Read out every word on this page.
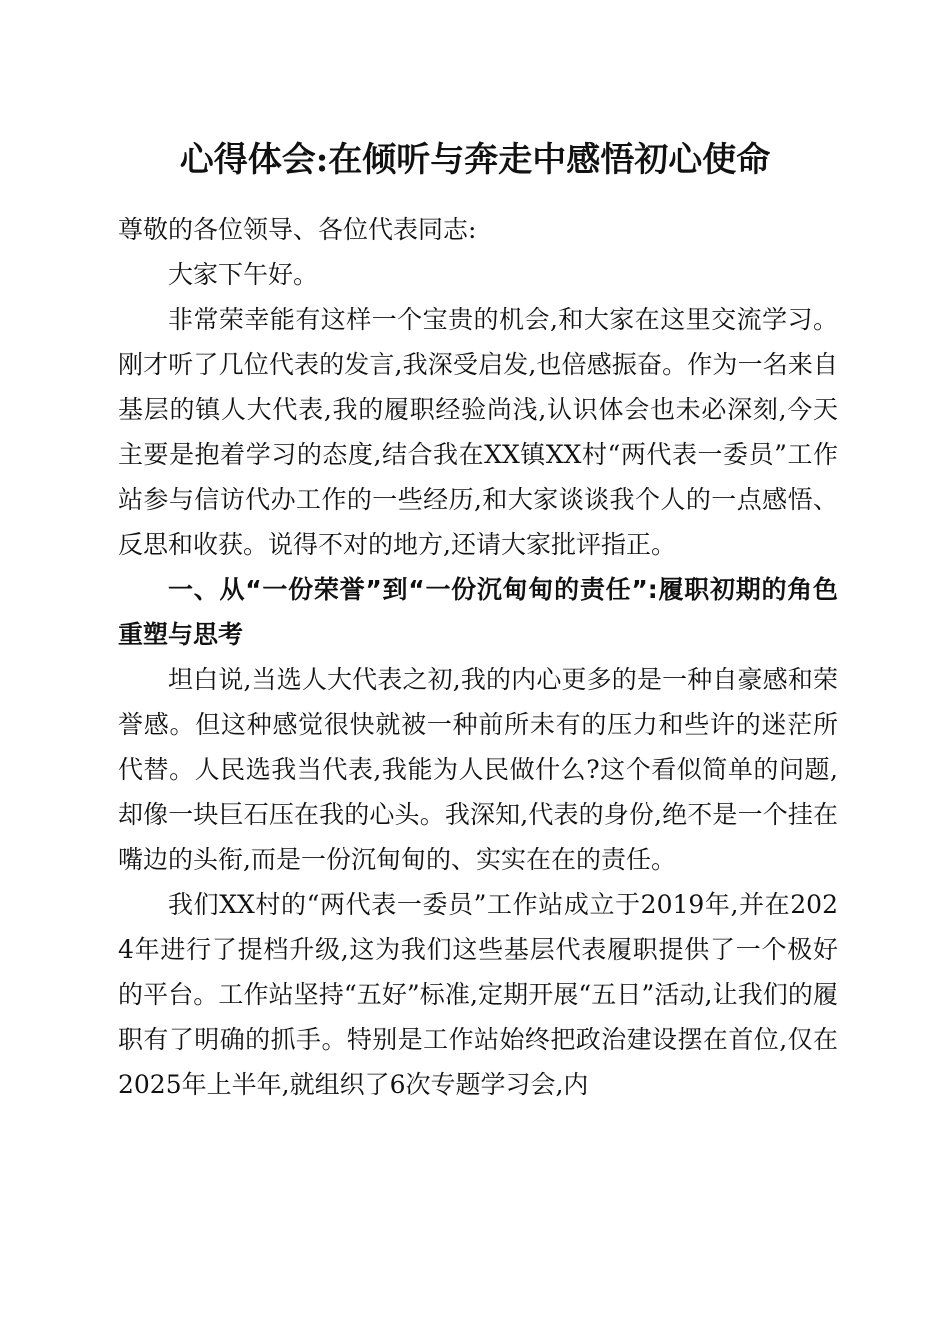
心得体会:在倾听与奔走中感悟初心使命

尊敬的各位领导、各位代表同志:

大家下午好。

非常荣幸能有这样一个宝贵的机会,和大家在这里交流学习。刚才听了几位代表的发言,我深受启发,也倍感振奋。作为一名来自基层的镇人大代表,我的履职经验尚浅,认识体会也未必深刻,今天主要是抱着学习的态度,结合我在XX镇XX村“两代表一委员”工作站参与信访代办工作的一些经历,和大家谈谈我个人的一点感悟、反思和收获。说得不对的地方,还请大家批评指正。

一、从“一份荣誉”到“一份沉甸甸的责任”:履职初期的角色重塑与思考

坦白说,当选人大代表之初,我的内心更多的是一种自豪感和荣誉感。但这种感觉很快就被一种前所未有的压力和些许的迷茫所代替。人民选我当代表,我能为人民做什么?这个看似简单的问题,却像一块巨石压在我的心头。我深知,代表的身份,绝不是一个挂在嘴边的头衔,而是一份沉甸甸的、实实在在的责任。

我们XX村的“两代表一委员”工作站成立于2019年,并在2024年进行了提档升级,这为我们这些基层代表履职提供了一个极好的平台。工作站坚持“五好”标准,定期开展“五日”活动,让我们的履职有了明确的抓手。特别是工作站始终把政治建设摆在首位,仅在2025年上半年,就组织了6次专题学习会,内
